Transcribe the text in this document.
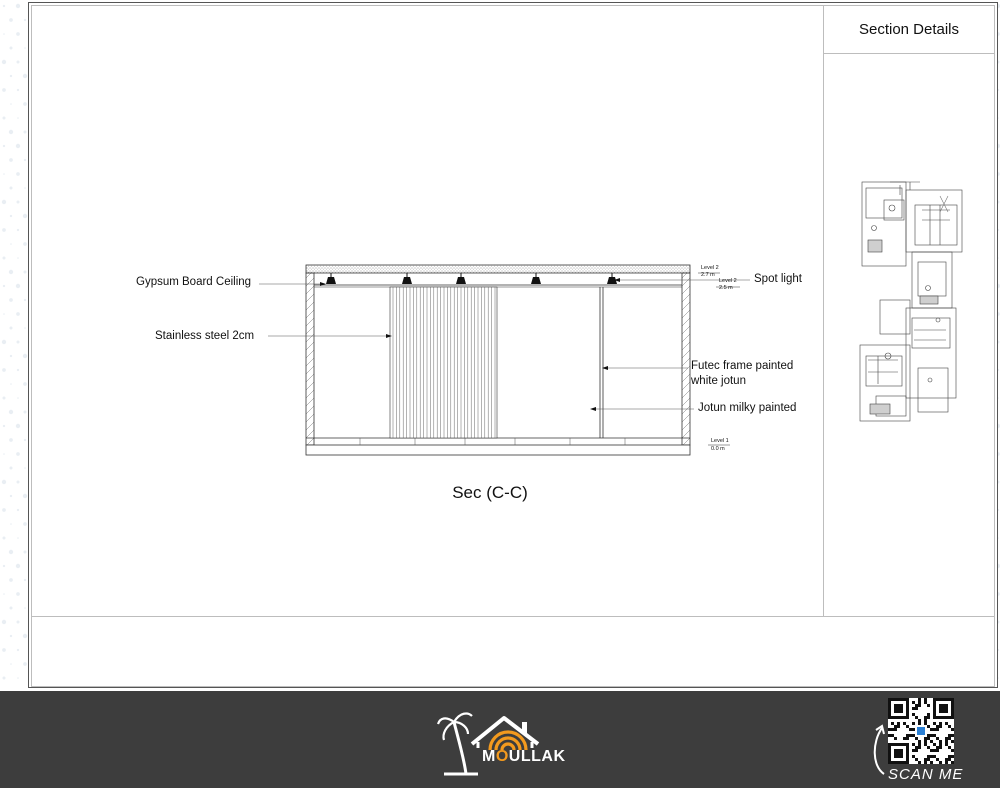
Section Details
Gypsum Board Ceiling
Stainless steel 2cm
Spot light
Futec frame painted
white jotun
Jotun milky painted
Level 2
2.7 m
Level 2
2.5 m
Level 1
0.0 m
Sec (C-C)
MOULLAK
SCAN ME
